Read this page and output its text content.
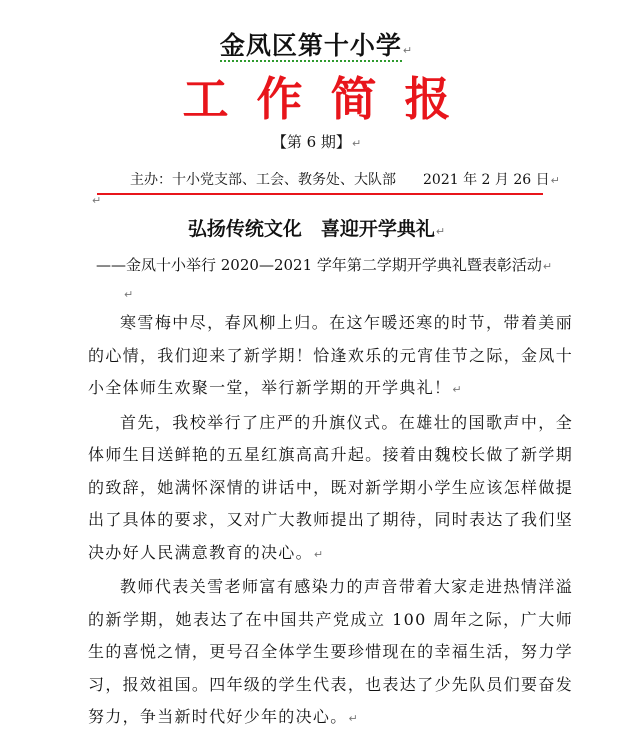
金凤区第十小学↵
工作简报
【第 6 期】↵
主办：十小党支部、工会、教务处、大队部 2021 年 2 月 26 日↵
↵
弘扬传统文化　喜迎开学典礼↵
——金凤十小举行 2020—2021 学年第二学期开学典礼暨表彰活动↵
↵

寒雪梅中尽，春风柳上归。在这乍暖还寒的时节，带着美丽的心情，我们迎来了新学期！恰逢欢乐的元宵佳节之际，金凤十小全体师生欢聚一堂，举行新学期的开学典礼！↵

首先，我校举行了庄严的升旗仪式。在雄壮的国歌声中，全体师生目送鲜艳的五星红旗高高升起。接着由魏校长做了新学期的致辞，她满怀深情的讲话中，既对新学期小学生应该怎样做提出了具体的要求，又对广大教师提出了期待，同时表达了我们坚决办好人民满意教育的决心。↵

教师代表关雪老师富有感染力的声音带着大家走进热情洋溢的新学期，她表达了在中国共产党成立 100 周年之际，广大师生的喜悦之情，更号召全体学生要珍惜现在的幸福生活，努力学习，报效祖国。四年级的学生代表，也表达了少先队员们要奋发努力，争当新时代好少年的决心。↵
